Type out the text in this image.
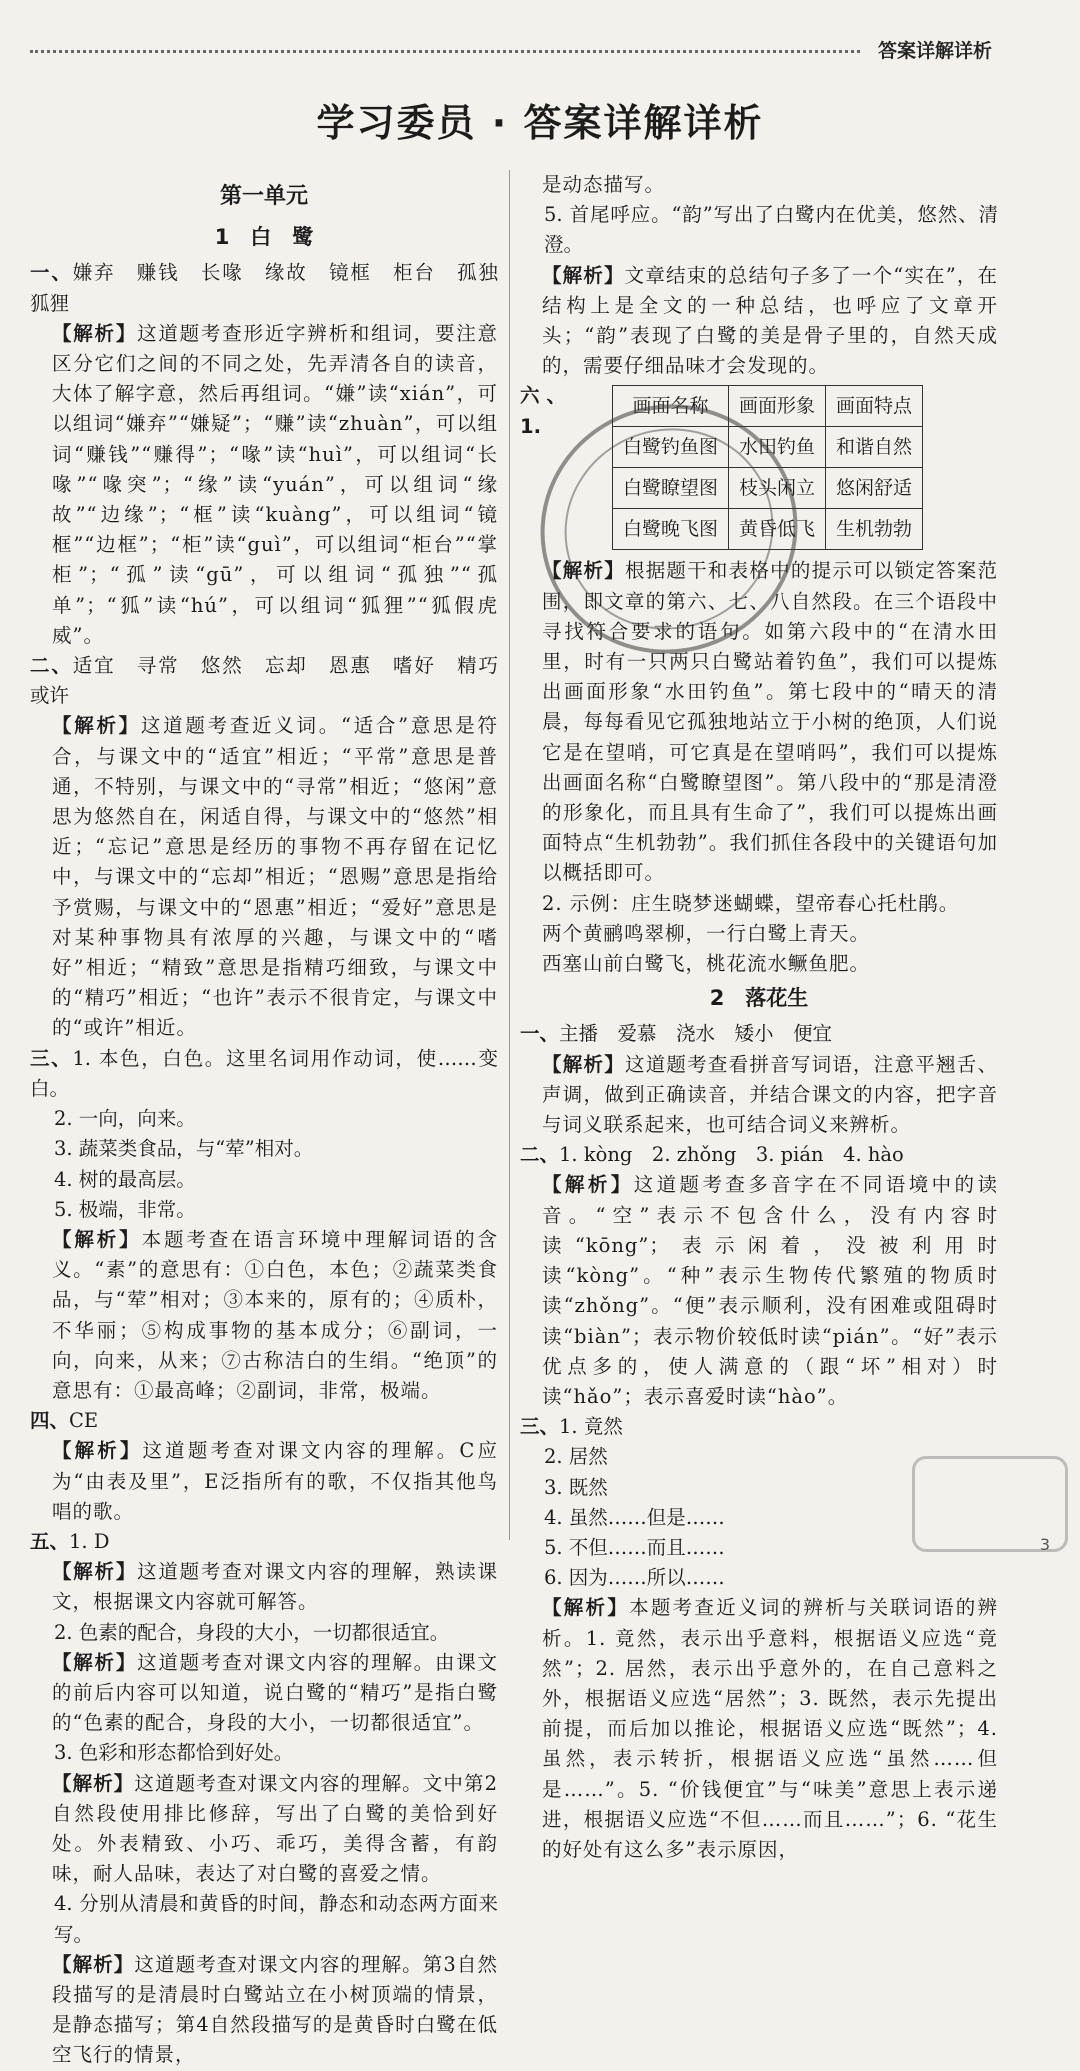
答案详解详析
学习委员 · 答案详解详析
第一单元
1　白　鹭

一、嫌弃　赚钱　长喙　缘故　镜框　柜台　孤独　狐狸

【解析】这道题考查形近字辨析和组词，要注意区分它们之间的不同之处，先弄清各自的读音，大体了解字意，然后再组词。“嫌”读“xián”，可以组词“嫌弃”“嫌疑”；“赚”读“zhuàn”，可以组词“赚钱”“赚得”；“喙”读“huì”，可以组词“长喙”“喙突”；“缘”读“yuán”，可以组词“缘故”“边缘”；“框”读“kuàng”，可以组词“镜框”“边框”；“柜”读“guì”，可以组词“柜台”“掌柜”；“孤”读“gū”，可以组词“孤独”“孤单”；“狐”读“hú”，可以组词“狐狸”“狐假虎威”。

二、适宜　寻常　悠然　忘却　恩惠　嗜好　精巧　或许

【解析】这道题考查近义词。“适合”意思是符合，与课文中的“适宜”相近；“平常”意思是普通，不特别，与课文中的“寻常”相近；“悠闲”意思为悠然自在，闲适自得，与课文中的“悠然”相近；“忘记”意思是经历的事物不再存留在记忆中，与课文中的“忘却”相近；“恩赐”意思是指给予赏赐，与课文中的“恩惠”相近；“爱好”意思是对某种事物具有浓厚的兴趣，与课文中的“嗜好”相近；“精致”意思是指精巧细致，与课文中的“精巧”相近；“也许”表示不很肯定，与课文中的“或许”相近。

三、1. 本色，白色。这里名词用作动词，使……变白。

2. 一向，向来。

3. 蔬菜类食品，与“荤”相对。

4. 树的最高层。

5. 极端，非常。

【解析】本题考查在语言环境中理解词语的含义。“素”的意思有：①白色，本色；②蔬菜类食品，与“荤”相对；③本来的，原有的；④质朴，不华丽；⑤构成事物的基本成分；⑥副词，一向，向来，从来；⑦古称洁白的生绢。“绝顶”的意思有：①最高峰；②副词，非常，极端。

四、CE

【解析】这道题考查对课文内容的理解。C应为“由表及里”，E泛指所有的歌，不仅指其他鸟唱的歌。

五、1. D

【解析】这道题考查对课文内容的理解，熟读课文，根据课文内容就可解答。

2. 色素的配合，身段的大小，一切都很适宜。

【解析】这道题考查对课文内容的理解。由课文的前后内容可以知道，说白鹭的“精巧”是指白鹭的“色素的配合，身段的大小，一切都很适宜”。

3. 色彩和形态都恰到好处。

【解析】这道题考查对课文内容的理解。文中第2自然段使用排比修辞，写出了白鹭的美恰到好处。外表精致、小巧、乖巧，美得含蓄，有韵味，耐人品味，表达了对白鹭的喜爱之情。

4. 分别从清晨和黄昏的时间，静态和动态两方面来写。

【解析】这道题考查对课文内容的理解。第3自然段描写的是清晨时白鹭站立在小树顶端的情景，是静态描写；第4自然段描写的是黄昏时白鹭在低空飞行的情景，

是动态描写。

5. 首尾呼应。“韵”写出了白鹭内在优美，悠然、清澄。

【解析】文章结束的总结句子多了一个“实在”，在结构上是全文的一种总结，也呼应了文章开头；“韵”表现了白鹭的美是骨子里的，自然天成的，需要仔细品味才会发现的。

六、1.
画面名称	画面形象	画面特点
白鹭钓鱼图	水田钓鱼	和谐自然
白鹭瞭望图	枝头闲立	悠闲舒适
白鹭晚飞图	黄昏低飞	生机勃勃

【解析】根据题干和表格中的提示可以锁定答案范围，即文章的第六、七、八自然段。在三个语段中寻找符合要求的语句。如第六段中的“在清水田里，时有一只两只白鹭站着钓鱼”，我们可以提炼出画面形象“水田钓鱼”。第七段中的“晴天的清晨，每每看见它孤独地站立于小树的绝顶，人们说它是在望哨，可它真是在望哨吗”，我们可以提炼出画面名称“白鹭瞭望图”。第八段中的“那是清澄的形象化，而且具有生命了”，我们可以提炼出画面特点“生机勃勃”。我们抓住各段中的关键语句加以概括即可。

2. 示例：庄生晓梦迷蝴蝶，望帝春心托杜鹃。

两个黄鹂鸣翠柳，一行白鹭上青天。

西塞山前白鹭飞，桃花流水鳜鱼肥。

2　落花生

一、主播　爱慕　浇水　矮小　便宜

【解析】这道题考查看拼音写词语，注意平翘舌、声调，做到正确读音，并结合课文的内容，把字音与词义联系起来，也可结合词义来辨析。

二、1. kòng　2. zhǒng　3. pián　4. hào

【解析】这道题考查多音字在不同语境中的读音。“空”表示不包含什么，没有内容时读“kōng”；表示闲着，没被利用时读“kòng”。“种”表示生物传代繁殖的物质时读“zhǒng”。“便”表示顺利，没有困难或阻碍时读“biàn”；表示物价较低时读“pián”。“好”表示优点多的，使人满意的（跟“坏”相对）时读“hǎo”；表示喜爱时读“hào”。

三、1. 竟然

2. 居然

3. 既然

4. 虽然……但是……

5. 不但……而且……

6. 因为……所以……

【解析】本题考查近义词的辨析与关联词语的辨析。1. 竟然，表示出乎意料，根据语义应选“竟然”；2. 居然，表示出乎意外的，在自己意料之外，根据语义应选“居然”；3. 既然，表示先提出前提，而后加以推论，根据语义应选“既然”；4. 虽然，表示转折，根据语义应选“虽然……但是……”。5. “价钱便宜”与“味美”意思上表示递进，根据语义应选“不但……而且……”；6. “花生的好处有这么多”表示原因，

3
